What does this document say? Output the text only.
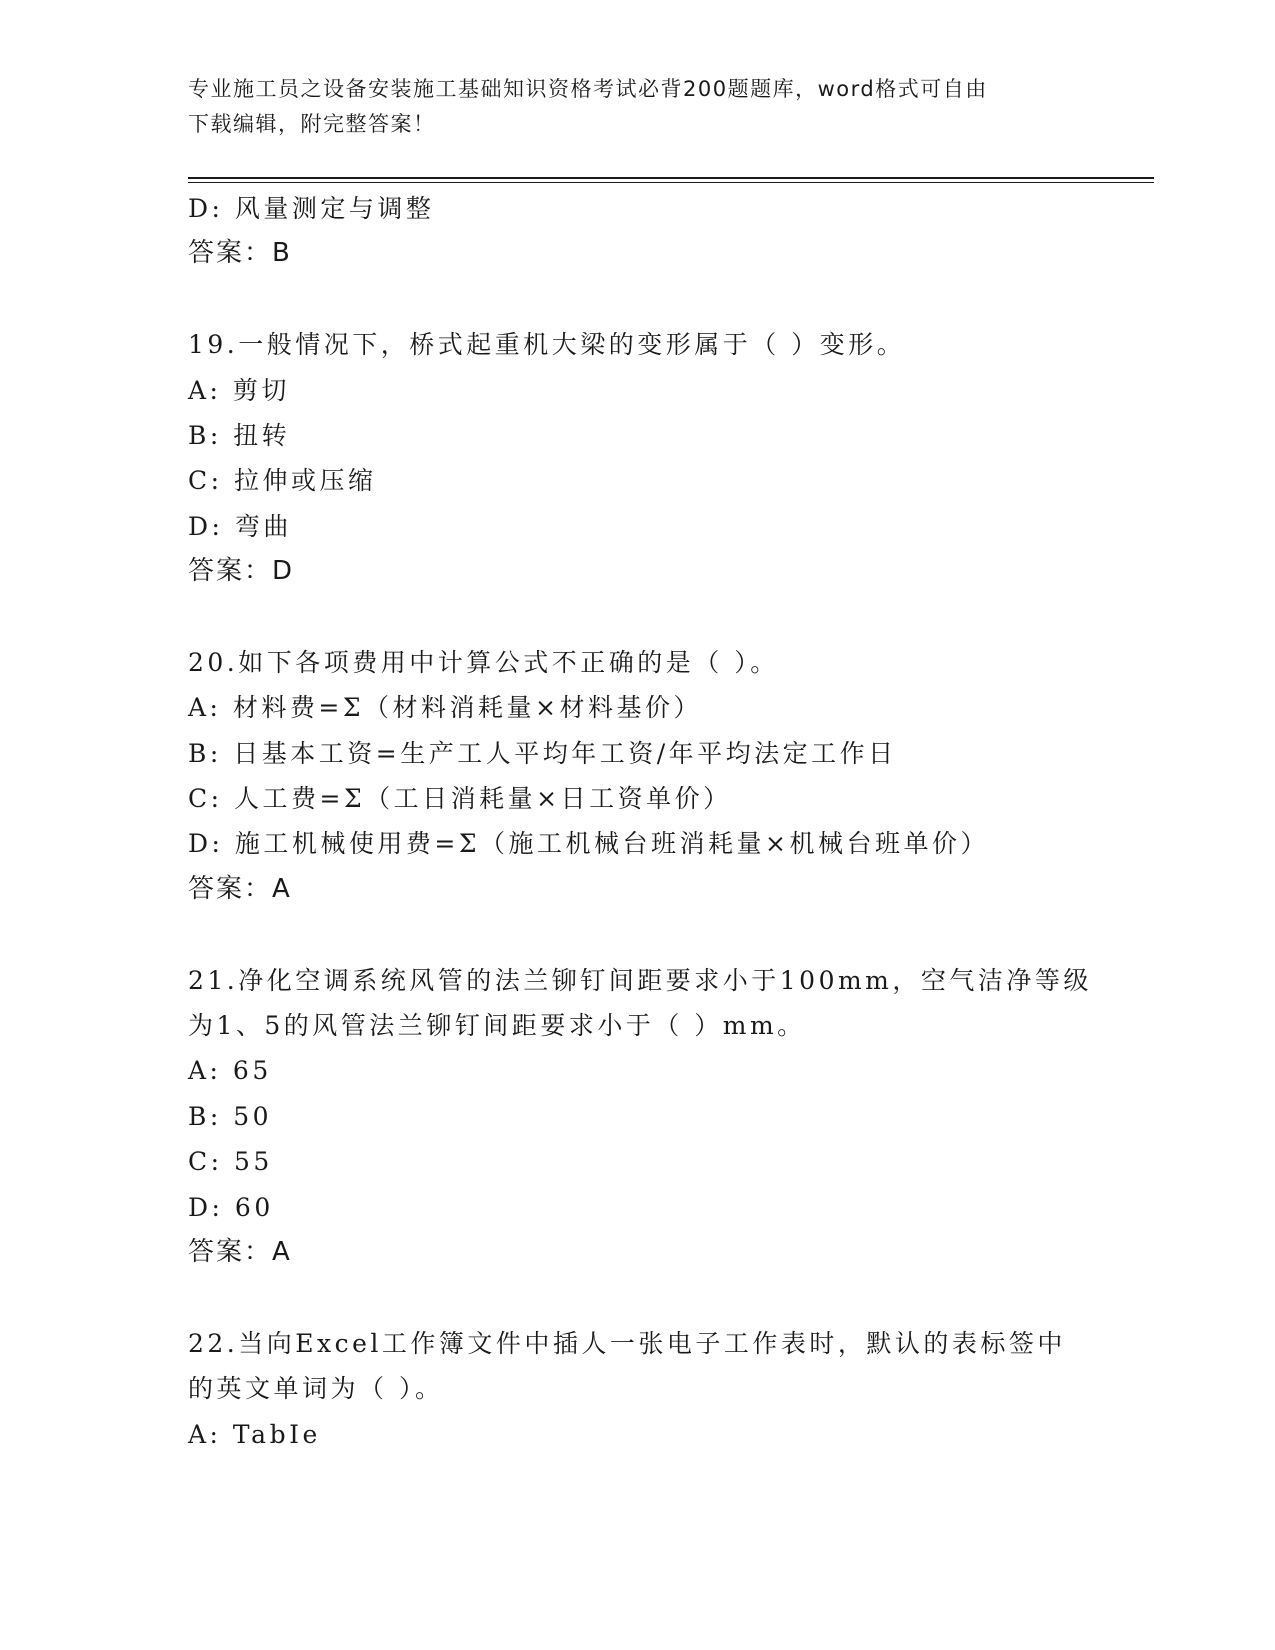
专业施工员之设备安装施工基础知识资格考试必背200题题库，word格式可自由
下载编辑，附完整答案！
D: 风量测定与调整
答案：B
19.一般情况下，桥式起重机大梁的变形属于（ ）变形。
A: 剪切
B: 扭转
C: 拉伸或压缩
D: 弯曲
答案：D
20.如下各项费用中计算公式不正确的是（ ）。
A: 材料费=Σ（材料消耗量×材料基价）
B: 日基本工资=生产工人平均年工资/年平均法定工作日
C: 人工费=Σ（工日消耗量×日工资单价）
D: 施工机械使用费=Σ（施工机械台班消耗量×机械台班单价）
答案：A
21.净化空调系统风管的法兰铆钉间距要求小于100mm，空气洁净等级
为1、5的风管法兰铆钉间距要求小于（ ）mm。
A: 65
B: 50
C: 55
D: 60
答案：A
22.当向Excel工作簿文件中插人一张电子工作表时，默认的表标签中
的英文单词为（ ）。
A: TabIe
